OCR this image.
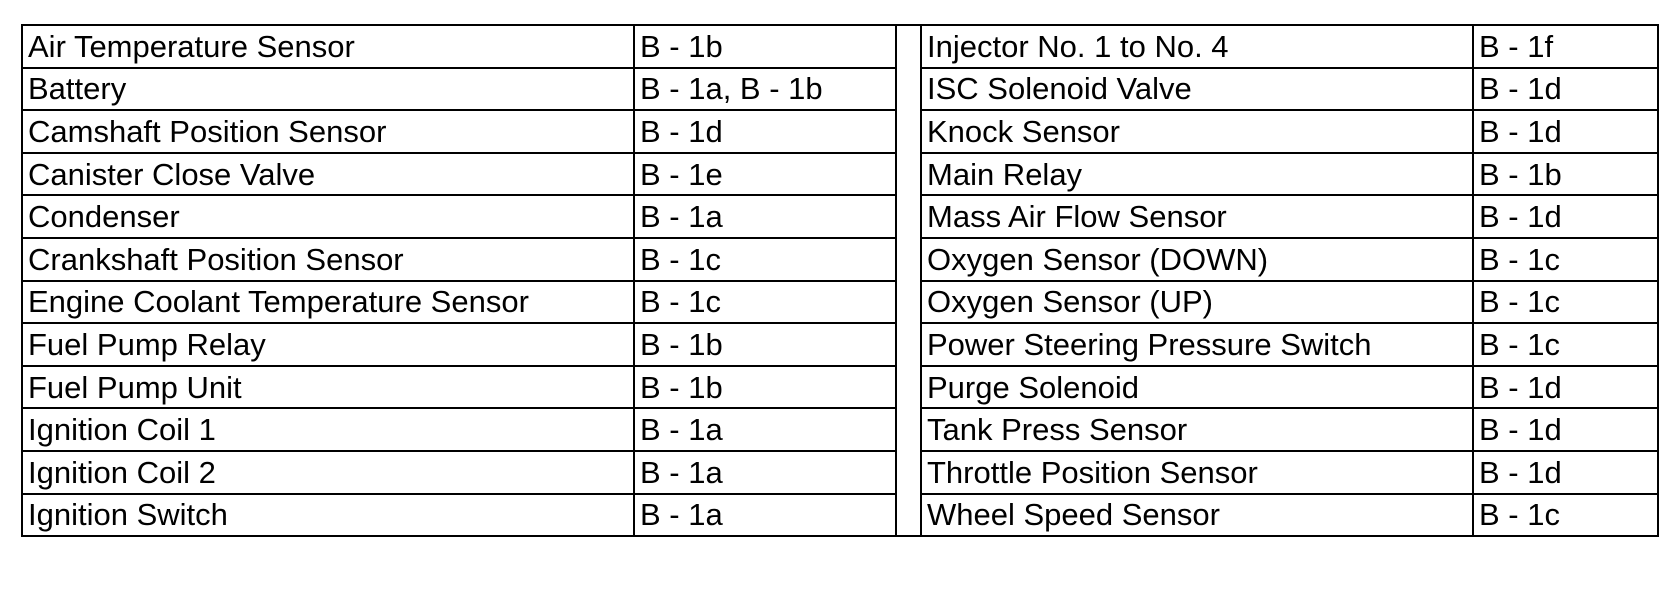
Air Temperature Sensor	B - 1b		Injector No. 1 to No. 4	B - 1f
Battery	B - 1a, B - 1b		ISC Solenoid Valve	B - 1d
Camshaft Position Sensor	B - 1d		Knock Sensor	B - 1d
Canister Close Valve	B - 1e		Main Relay	B - 1b
Condenser	B - 1a		Mass Air Flow Sensor	B - 1d
Crankshaft Position Sensor	B - 1c		Oxygen Sensor (DOWN)	B - 1c
Engine Coolant Temperature Sensor	B - 1c		Oxygen Sensor (UP)	B - 1c
Fuel Pump Relay	B - 1b		Power Steering Pressure Switch	B - 1c
Fuel Pump Unit	B - 1b		Purge Solenoid	B - 1d
Ignition Coil 1	B - 1a		Tank Press Sensor	B - 1d
Ignition Coil 2	B - 1a		Throttle Position Sensor	B - 1d
Ignition Switch	B - 1a		Wheel Speed Sensor	B - 1c
